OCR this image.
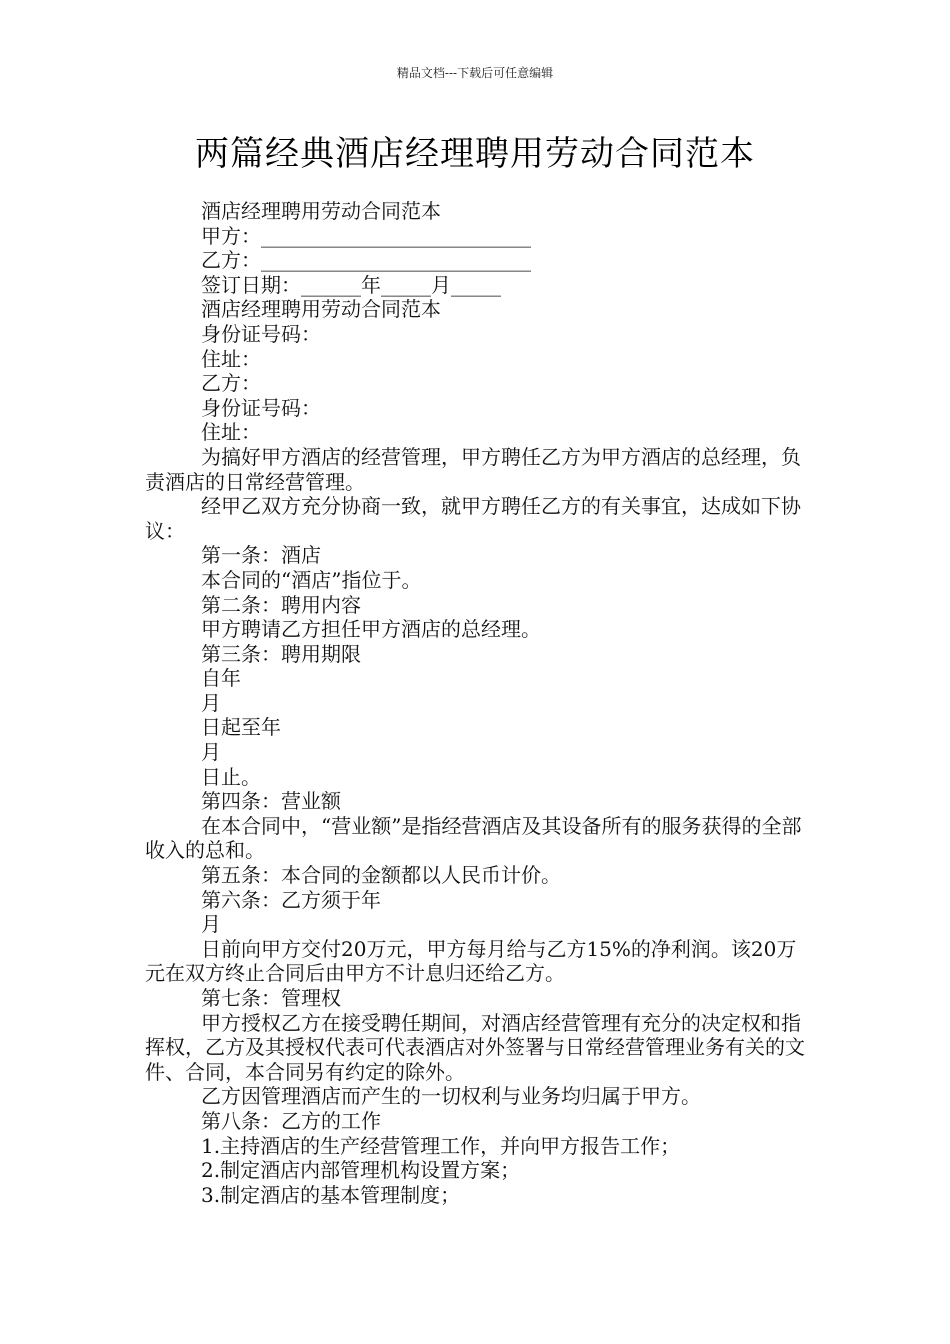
精品文档---下载后可任意编辑
两篇经典酒店经理聘用劳动合同范本

酒店经理聘用劳动合同范本

甲方：___________________________

乙方：___________________________

签订日期：______年_____月_____

酒店经理聘用劳动合同范本

身份证号码：

住址：

乙方：

身份证号码：

住址：

为搞好甲方酒店的经营管理，甲方聘任乙方为甲方酒店的总经理，负责酒店的日常经营管理。

经甲乙双方充分协商一致，就甲方聘任乙方的有关事宜，达成如下协议：

第一条：酒店

本合同的“酒店”指位于。

第二条：聘用内容

甲方聘请乙方担任甲方酒店的总经理。

第三条：聘用期限

自年

月

日起至年

月

日止。

第四条：营业额

在本合同中，“营业额”是指经营酒店及其设备所有的服务获得的全部收入的总和。

第五条：本合同的金额都以人民币计价。

第六条：乙方须于年

月

日前向甲方交付20万元，甲方每月给与乙方15%的净利润。该20万元在双方终止合同后由甲方不计息归还给乙方。

第七条：管理权

甲方授权乙方在接受聘任期间，对酒店经营管理有充分的决定权和指挥权，乙方及其授权代表可代表酒店对外签署与日常经营管理业务有关的文件、合同，本合同另有约定的除外。

乙方因管理酒店而产生的一切权利与业务均归属于甲方。

第八条：乙方的工作

1.主持酒店的生产经营管理工作，并向甲方报告工作；

2.制定酒店内部管理机构设置方案；

3.制定酒店的基本管理制度；
